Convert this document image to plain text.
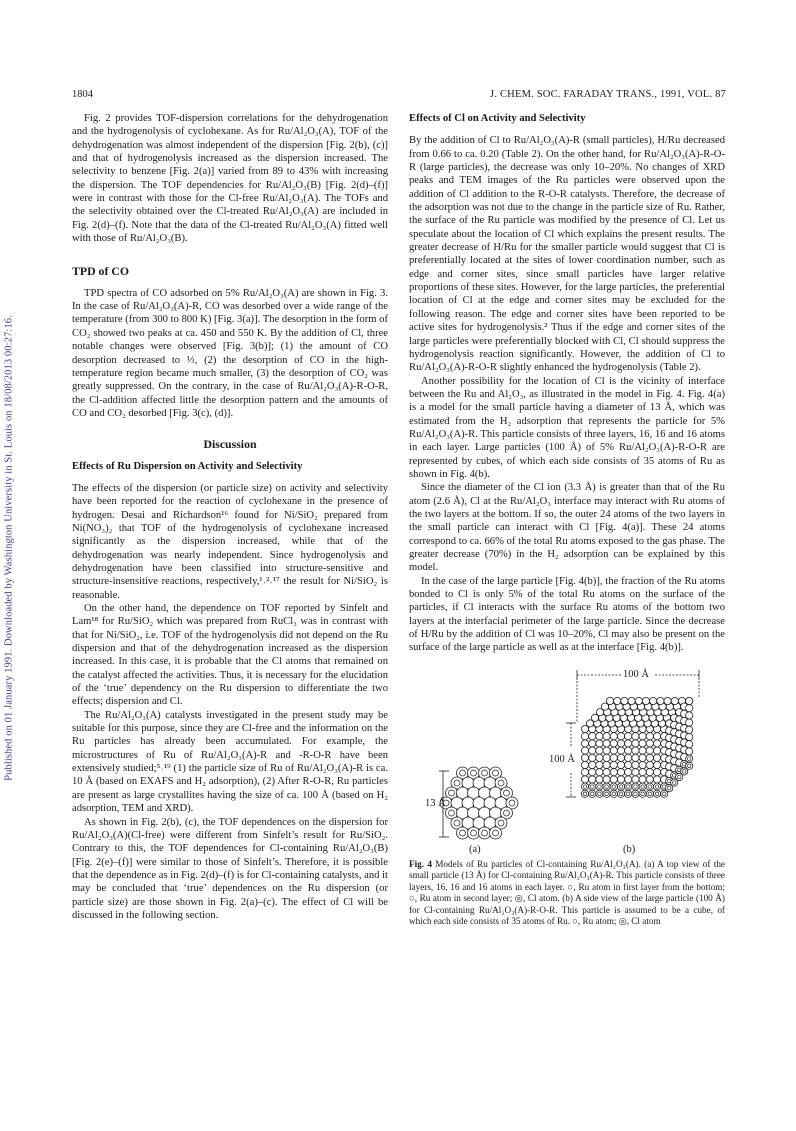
Published on 01 January 1991. Downloaded by Washington University in St. Louis on 18/08/2013 00:27:16.
1804	J. CHEM. SOC. FARADAY TRANS., 1991, VOL. 87

Fig. 2 provides TOF-dispersion correlations for the dehydrogenation and the hydrogenolysis of cyclohexane. As for Ru/Al₂O₃(A), TOF of the dehydrogenation was almost independent of the dispersion [Fig. 2(b), (c)] and that of hydrogenolysis increased as the dispersion increased. The selectivity to benzene [Fig. 2(a)] varied from 89 to 43% with increasing the dispersion. The TOF dependencies for Ru/Al₂O₃(B) [Fig. 2(d)–(f)] were in contrast with those for the Cl-free Ru/Al₂O₃(A). The TOFs and the selectivity obtained over the Cl-treated Ru/Al₂O₃(A) are included in Fig. 2(d)–(f). Note that the data of the Cl-treated Ru/Al₂O₃(A) fitted well with those of Ru/Al₂O₃(B).

TPD of CO

TPD spectra of CO adsorbed on 5% Ru/Al₂O₃(A) are shown in Fig. 3. In the case of Ru/Al₂O₃(A)-R, CO was desorbed over a wide range of the temperature (from 300 to 800 K) [Fig. 3(a)]. The desorption in the form of CO₂ showed two peaks at ca. 450 and 550 K. By the addition of Cl, three notable changes were observed [Fig. 3(b)]; (1) the amount of CO desorption decreased to ⅓, (2) the desorption of CO in the high-temperature region became much smaller, (3) the desorption of CO₂ was greatly suppressed. On the contrary, in the case of Ru/Al₂O₃(A)-R-O-R, the Cl-addition affected little the desorption pattern and the amounts of CO and CO₂ desorbed [Fig. 3(c), (d)].

Discussion
Effects of Ru Dispersion on Activity and Selectivity

The effects of the dispersion (or particle size) on activity and selectivity have been reported for the reaction of cyclohexane in the presence of hydrogen. Desai and Richardson¹⁶ found for Ni/SiO₂ prepared from Ni(NO₃)₂ that TOF of the hydrogenolysis of cyclohexane increased significantly as the dispersion increased, while that of the dehydrogenation was nearly independent. Since hydrogenolysis and dehydrogenation have been classified into structure-sensitive and structure-insensitive reactions, respectively,¹˒²˒¹⁷ the result for Ni/SiO₂ is reasonable.

On the other hand, the dependence on TOF reported by Sinfelt and Lam¹⁸ for Ru/SiO₂ which was prepared from RuCl₃ was in contrast with that for Ni/SiO₂, i.e. TOF of the hydrogenolysis did not depend on the Ru dispersion and that of the dehydrogenation increased as the dispersion increased. In this case, it is probable that the Cl atoms that remained on the catalyst affected the activities. Thus, it is necessary for the elucidation of the ‘true’ dependency on the Ru dispersion to differentiate the two effects; dispersion and Cl.

The Ru/Al₂O₃(A) catalysts investigated in the present study may be suitable for this purpose, since they are Cl-free and the information on the Ru particles has already been accumulated. For example, the microstructures of Ru of Ru/Al₂O₃(A)-R and -R-O-R have been extensively studied;⁵˒¹⁹ (1) the particle size of Ru of Ru/Al₂O₃(A)-R is ca. 10 Å (based on EXAFS and H₂ adsorption), (2) After R-O-R, Ru particles are present as large crystallites having the size of ca. 100 Å (based on H₂ adsorption, TEM and XRD).

As shown in Fig. 2(b), (c), the TOF dependences on the dispersion for Ru/Al₂O₃(A)(Cl-free) were different from Sinfelt’s result for Ru/SiO₂. Contrary to this, the TOF dependences for Cl-containing Ru/Al₂O₃(B) [Fig. 2(e)–(f)] were similar to those of Sinfelt’s. Therefore, it is possible that the dependence as in Fig. 2(d)–(f) is for Cl-containing catalysts, and it may be concluded that ‘true’ dependences on the Ru dispersion (or particle size) are those shown in Fig. 2(a)–(c). The effect of Cl will be discussed in the following section.

Effects of Cl on Activity and Selectivity

By the addition of Cl to Ru/Al₂O₃(A)-R (small particles), H/Ru decreased from 0.66 to ca. 0.20 (Table 2). On the other hand, for Ru/Al₂O₃(A)-R-O-R (large particles), the decrease was only 10–20%. No changes of XRD peaks and TEM images of the Ru particles were observed upon the addition of Cl addition to the R-O-R catalysts. Therefore, the decrease of the adsorption was not due to the change in the particle size of Ru. Rather, the surface of the Ru particle was modified by the presence of Cl. Let us speculate about the location of Cl which explains the present results. The greater decrease of H/Ru for the smaller particle would suggest that Cl is preferentially located at the sites of lower coordination number, such as edge and corner sites, since small particles have larger relative proportions of these sites. However, for the large particles, the preferential location of Cl at the edge and corner sites may be excluded for the following reason. The edge and corner sites have been reported to be active sites for hydrogenolysis.² Thus if the edge and corner sites of the large particles were preferentially blocked with Cl, Cl should suppress the hydrogenolysis reaction significantly. However, the addition of Cl to Ru/Al₂O₃(A)-R-O-R slightly enhanced the hydrogenolysis (Table 2).

Another possibility for the location of Cl is the vicinity of interface between the Ru and Al₂O₃, as illustrated in the model in Fig. 4. Fig. 4(a) is a model for the small particle having a diameter of 13 Å, which was estimated from the H₂ adsorption that represents the particle for 5% Ru/Al₂O₃(A)-R. This particle consists of three layers, 16, 16 and 16 atoms in each layer. Large particles (100 Å) of 5% Ru/Al₂O₃(A)-R-O-R are represented by cubes, of which each side consists of 35 atoms of Ru as shown in Fig. 4(b).

Since the diameter of the Cl ion (3.3 Å) is greater than that of the Ru atom (2.6 Å), Cl at the Ru/Al₂O₃ interface may interact with Ru atoms of the two layers at the bottom. If so, the outer 24 atoms of the two layers in the small particle can interact with Cl [Fig. 4(a)]. These 24 atoms correspond to ca. 66% of the total Ru atoms exposed to the gas phase. The greater decrease (70%) in the H₂ adsorption can be explained by this model.

In the case of the large particle [Fig. 4(b)], the fraction of the Ru atoms bonded to Cl is only 5% of the total Ru atoms on the surface of the particles, if Cl interacts with the surface Ru atoms of the bottom two layers at the interfacial perimeter of the large particle. Since the decrease of H/Ru by the addition of Cl was 10–20%, Cl may also be present on the surface of the large particle as well as at the interface [Fig. 4(b)].

100 Å
100 Å
13 Å
(a)	(b)

Fig. 4 Models of Ru particles of Cl-containing Ru/Al₂O₃(A). (a) A top view of the small particle (13 Å) for Cl-containing Ru/Al₂O₃(A)-R. This particle consists of three layers, 16, 16 and 16 atoms in each layer. ○, Ru atom in first layer from the bottom; ○, Ru atom in second layer; ◎, Cl atom. (b) A side view of the large particle (100 Å) for Cl-containing Ru/Al₂O₃(A)-R-O-R. This particle is assumed to be a cube, of which each side consists of 35 atoms of Ru. ○, Ru atom; ◎, Cl atom
